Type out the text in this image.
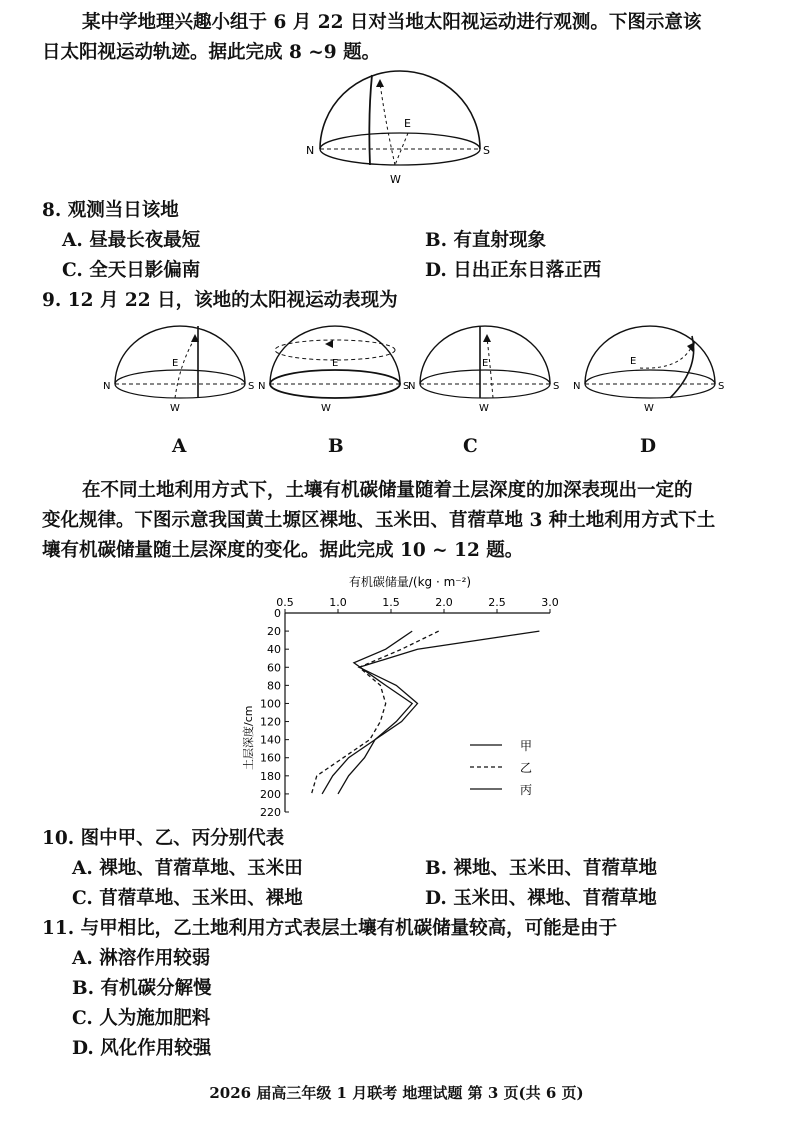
某中学地理兴趣小组于 6 月 22 日对当地太阳视运动进行观测。下图示意该
日太阳视运动轨迹。据此完成 8 ~9 题。
N	S
E
W
8. 观测当日该地
A. 昼最长夜最短	B. 有直射现象
C. 全天日影偏南	D. 日出正东日落正西
9. 12 月 22 日，该地的太阳视运动表现为
N	S
E
W
N	S
E
W
N	S
E
W
N	S
E
W
A	B	C	D
在不同土地利用方式下，土壤有机碳储量随着土层深度的加深表现出一定的
变化规律。下图示意我国黄土塬区裸地、玉米田、苜蓿草地 3 种土地利用方式下土
壤有机碳储量随土层深度的变化。据此完成 10 ~ 12 题。
有机碳储量/(kg · m⁻²)
0.5	1.0	1.5	2.0	2.5	3.0
0
20
40
60
80
100
120
140
160
180
200
220
土层深度/cm	甲
乙
丙
10. 图中甲、乙、丙分别代表
A. 裸地、苜蓿草地、玉米田	B. 裸地、玉米田、苜蓿草地
C. 苜蓿草地、玉米田、裸地	D. 玉米田、裸地、苜蓿草地
11. 与甲相比，乙土地利用方式表层土壤有机碳储量较高，可能是由于
A. 淋溶作用较弱
B. 有机碳分解慢
C. 人为施加肥料
D. 风化作用较强
2026 届高三年级 1 月联考 地理试题 第 3 页(共 6 页)
